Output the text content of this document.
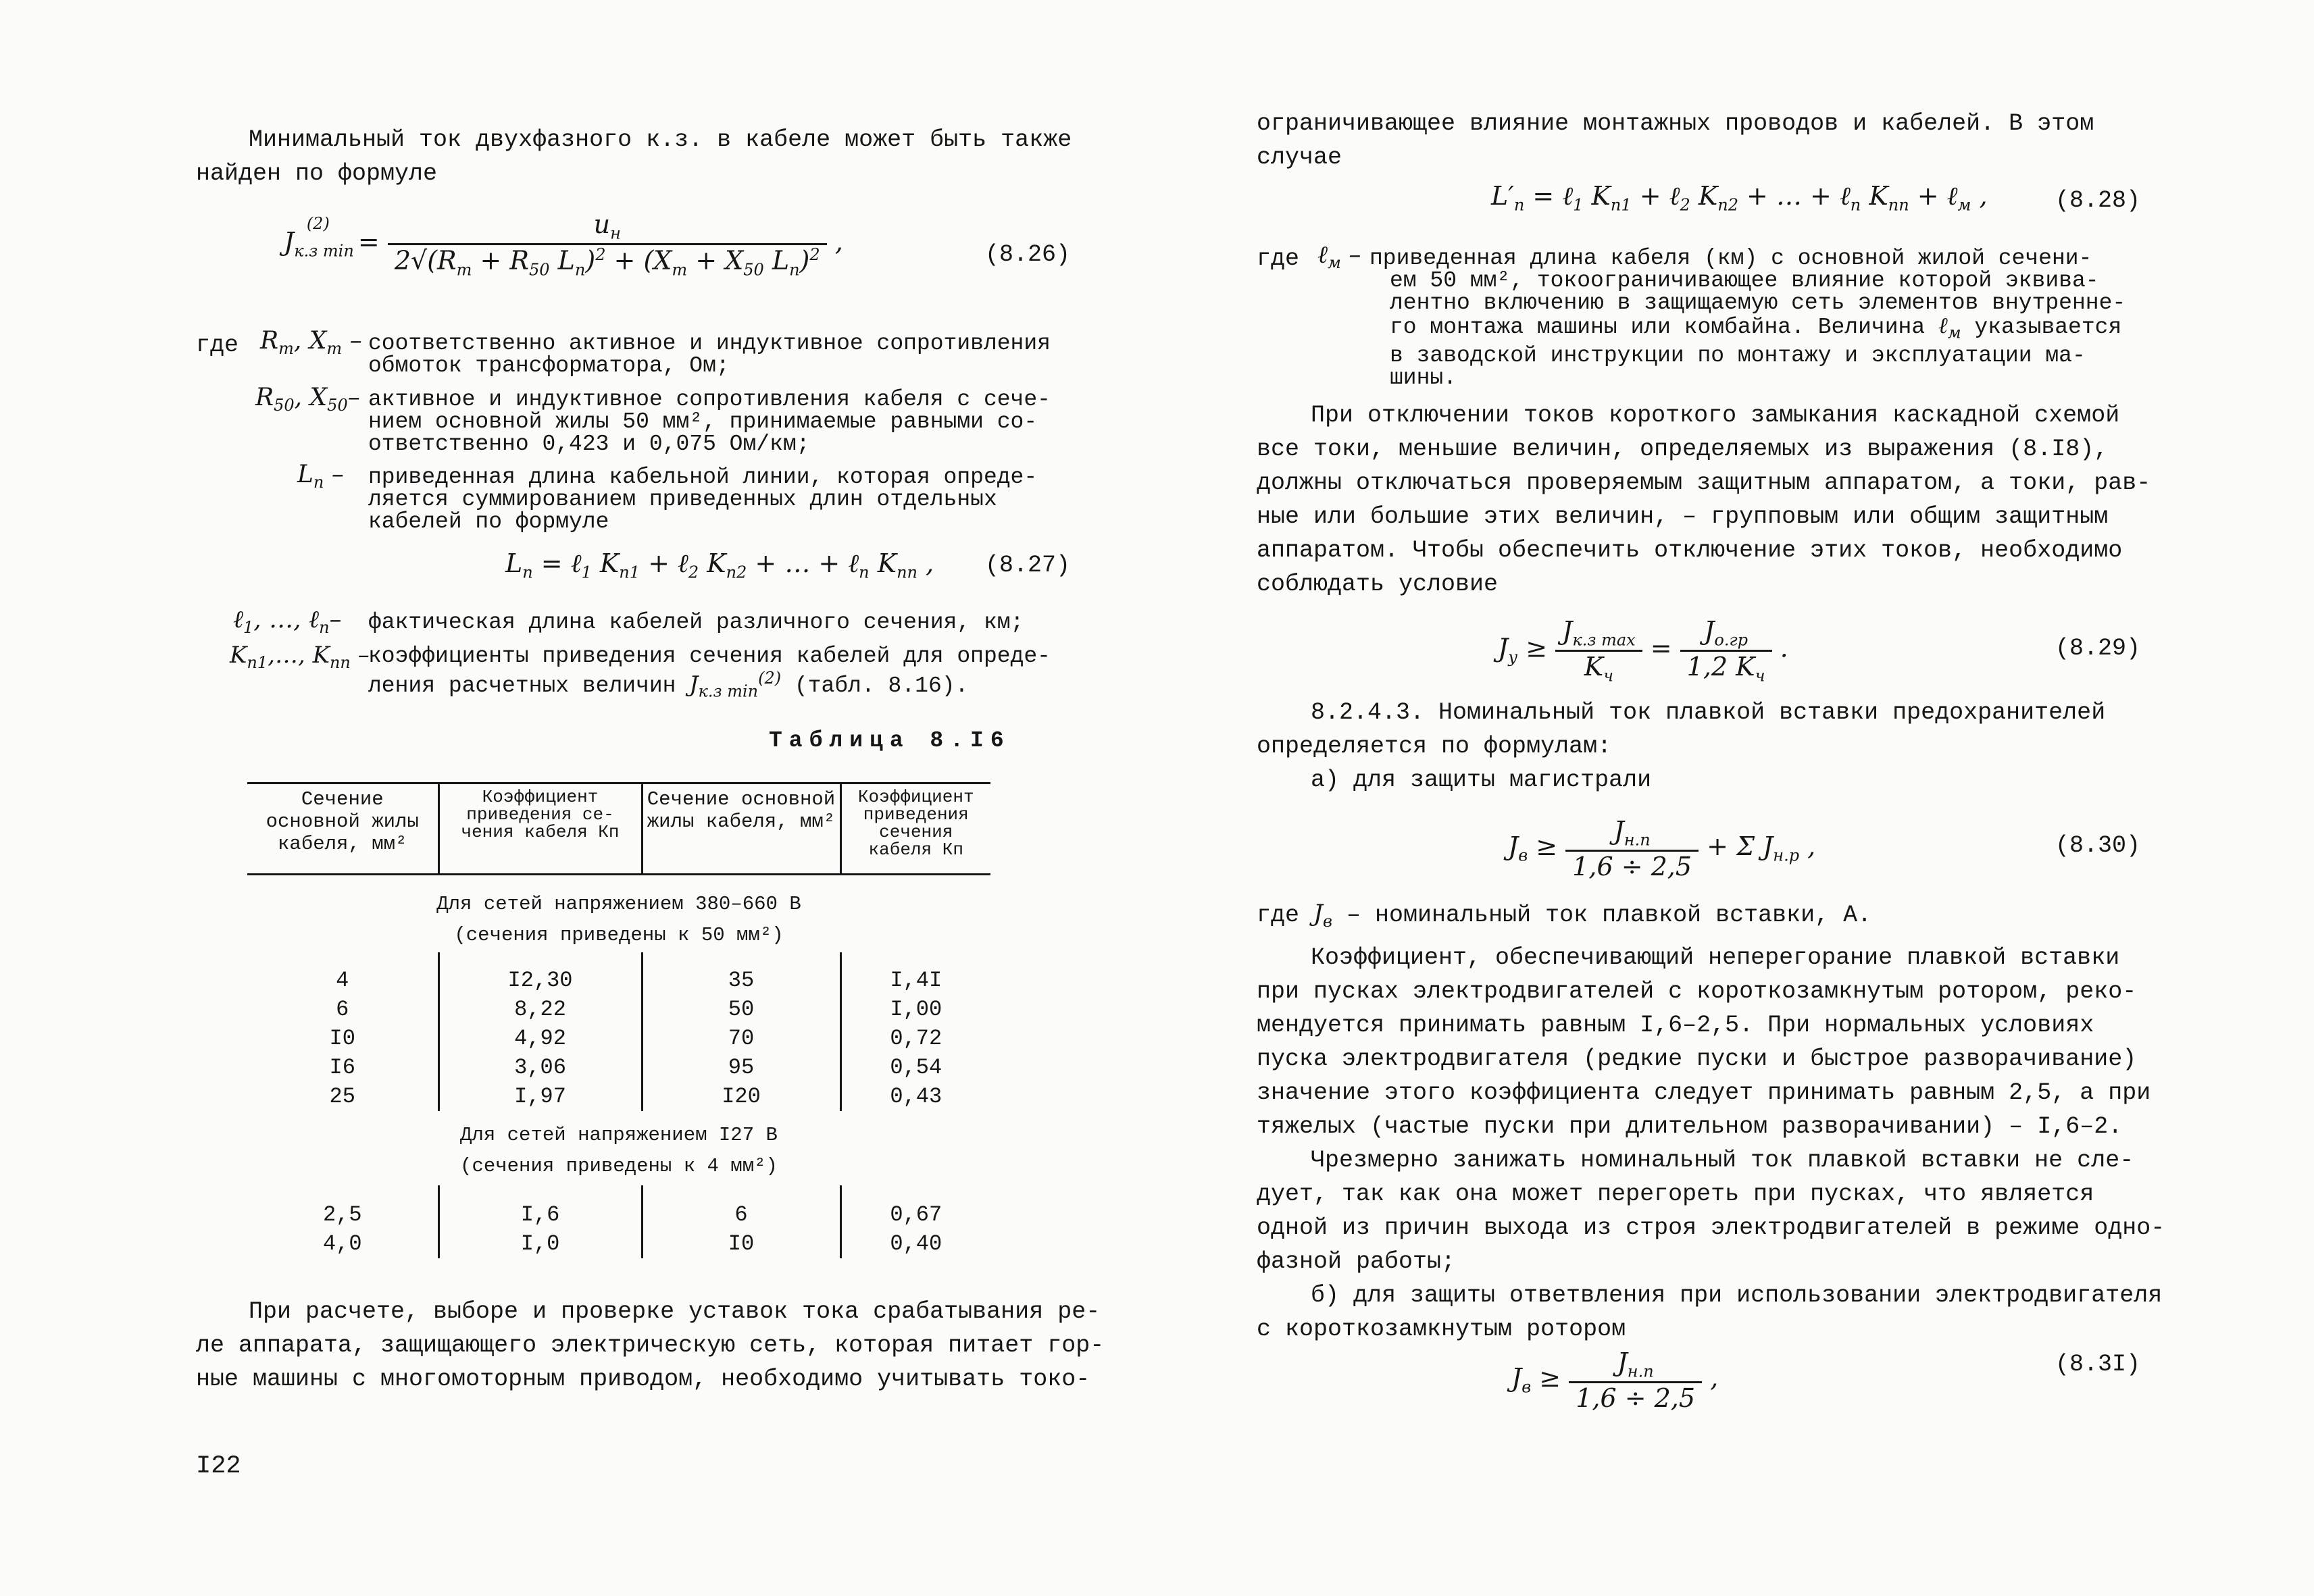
Минимальный ток двухфазного к.з. в кабеле может быть также
найден по формуле
$J_{к.з min}^{(2)} = \frac{u_н}{2√(R_т + R_{50} L_п)^2 + (X_т + X_{50} L_п)^2}$ ,	(8.26)
где $R_т$, $X_т$ – соответственно активное и индуктивное сопротивления
обмоток трансформатора, Ом;
$R_{50}$, $X_{50}-$ активное и индуктивное сопротивления кабеля с сече-
нием основной жилы 50 мм², принимаемые равными со-
ответственно 0,423 и 0,075 Ом/км;
$L_п$ – приведенная длина кабельной линии, которая опреде-
ляется суммированием приведенных длин отдельных
кабелей по формуле
$L_п$ = ℓ$_1$ $K_{п1}$ + ℓ$_2$ $K_{п2}$ + … + ℓ$_n$ $K_{пп}$ , (8.27)
ℓ$_1$, …, ℓ$_n$– фактическая длина кабелей различного сечения, км;
$K_{п1},\dots$, $K_{пп}$ –
коэффициенты приведения сечения кабелей для опреде-
ления расчетных величин $J_{к.з min}^{(2)}$ (табл. 8.16).
Таблица 8.I6
Сечение основной жилы кабеля, мм²	Коэффициент приведения се- чения кабеля Кп	Сечение основной жилы кабеля, мм²	Коэффициент приведения сечения кабеля Кп

Для сетей напряжением 380–660 В
(сечения приведены к 50 мм²)			

4	I2,30	35	I,4I
6	8,22	50	I,00
I0	4,92	70	0,72
I6	3,06	95	0,54
25	I,97	I20	0,43

Для сетей напряжением I27 В
(сечения приведены к 4 мм²)			

2,5	I,6	6	0,67
4,0	I,0	I0	0,40
При расчете, выборе и проверке уставок тока срабатывания ре-
ле аппарата, защищающего электрическую сеть, которая питает гор-
ные машины с многомоторным приводом, необходимо учитывать токо-
I22
ограничивающее влияние монтажных проводов и кабелей. В этом
случае
$L'_п$ = ℓ$_1$ $K_{п1}$ + ℓ$_2$ $K_{п2}$ + … + ℓ$_n$ $K_{пп}$ + ℓ$_м$ ,	(8.28)
где ℓ$_м$ – приведенная длина кабеля (км) с основной жилой сечени-
ем 50 мм², токоограничивающее влияние которой эквива-
лентно включению в защищаемую сеть элементов внутренне-
го монтажа машины или комбайна. Величина ℓ$_м$ указывается
в заводской инструкции по монтажу и эксплуатации ма-
шины.
При отключении токов короткого замыкания каскадной схемой
все токи, меньшие величин, определяемых из выражения (8.I8),
должны отключаться проверяемым защитным аппаратом, а токи, рав-
ные или большие этих величин, – групповым или общим защитным
аппаратом. Чтобы обеспечить отключение этих токов, необходимо
соблюдать условие
$J_у \ge \frac{J_{к.з max}}{K_ч} = \frac{J_{о.гр}}{1,2 K_ч}$ .	(8.29)
8.2.4.3. Номинальный ток плавкой вставки предохранителей
определяется по формулам:
а) для защиты магистрали
$J_в \ge \frac{J_{н.п}}{1,6 \div 2,5} + \Sigma$ $J_{н.р}$ ,	(8.30)
где $J_в$ – номинальный ток плавкой вставки, А.
Коэффициент, обеспечивающий неперегорание плавкой вставки
при пусках электродвигателей с короткозамкнутым ротором, реко-
мендуется принимать равным I,6–2,5. При нормальных условиях
пуска электродвигателя (редкие пуски и быстрое разворачивание)
значение этого коэффициента следует принимать равным 2,5, а при
тяжелых (частые пуски при длительном разворачивании) – I,6–2.
Чрезмерно занижать номинальный ток плавкой вставки не сле-
дует, так как она может перегореть при пусках, что является
одной из причин выхода из строя электродвигателей в режиме одно-
фазной работы;
б) для защиты ответвления при использовании электродвигателя
с короткозамкнутым ротором
$J_в \ge \frac{J_{н.п}}{1,6 \div 2,5}$ ,	(8.3I)
